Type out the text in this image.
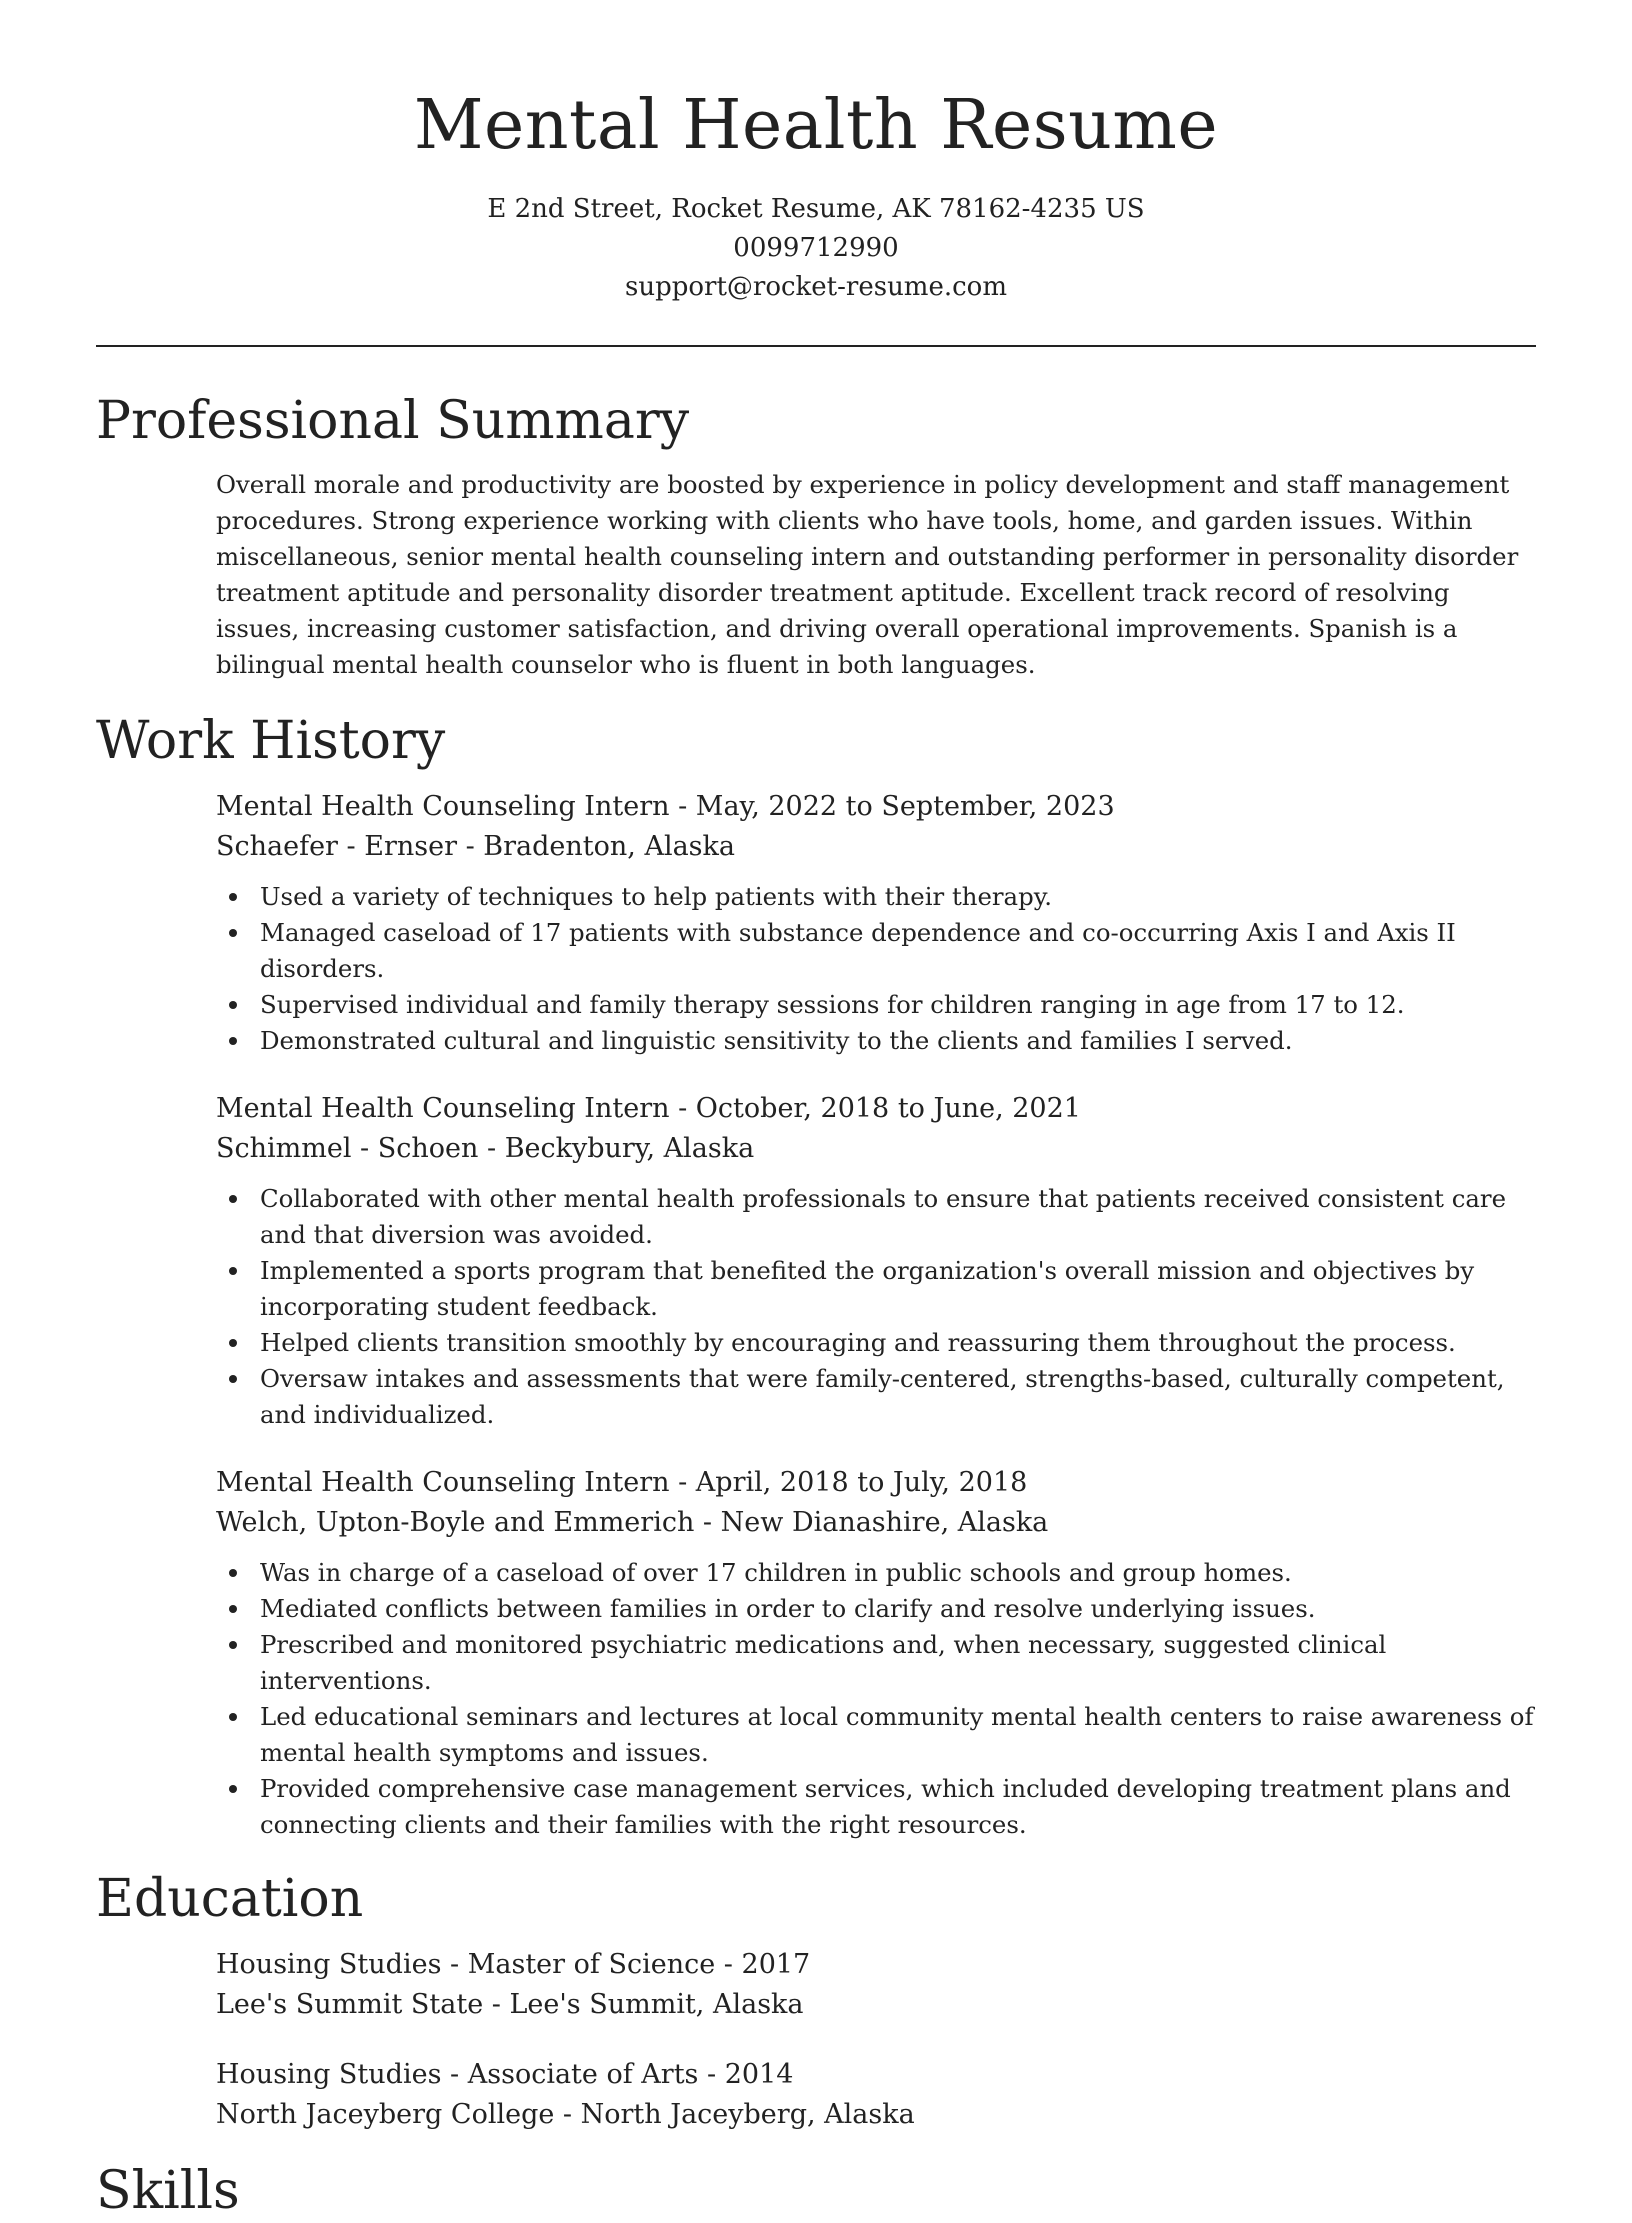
Mental Health Resume
E 2nd Street, Rocket Resume, AK 78162-4235 US
0099712990
support@rocket-resume.com
Professional Summary
Overall morale and productivity are boosted by experience in policy development and staff management procedures. Strong experience working with clients who have tools, home, and garden issues. Within miscellaneous, senior mental health counseling intern and outstanding performer in personality disorder treatment aptitude and personality disorder treatment aptitude. Excellent track record of resolving issues, increasing customer satisfaction, and driving overall operational improvements. Spanish is a bilingual mental health counselor who is fluent in both languages.
Work History
Mental Health Counseling Intern - May, 2022 to September, 2023
Schaefer - Ernser - Bradenton, Alaska
Used a variety of techniques to help patients with their therapy.
Managed caseload of 17 patients with substance dependence and co-occurring Axis I and Axis II disorders.
Supervised individual and family therapy sessions for children ranging in age from 17 to 12.
Demonstrated cultural and linguistic sensitivity to the clients and families I served.
Mental Health Counseling Intern - October, 2018 to June, 2021
Schimmel - Schoen - Beckybury, Alaska
Collaborated with other mental health professionals to ensure that patients received consistent care and that diversion was avoided.
Implemented a sports program that benefited the organization's overall mission and objectives by incorporating student feedback.
Helped clients transition smoothly by encouraging and reassuring them throughout the process.
Oversaw intakes and assessments that were family-centered, strengths-based, culturally competent, and individualized.
Mental Health Counseling Intern - April, 2018 to July, 2018
Welch, Upton-Boyle and Emmerich - New Dianashire, Alaska
Was in charge of a caseload of over 17 children in public schools and group homes.
Mediated conflicts between families in order to clarify and resolve underlying issues.
Prescribed and monitored psychiatric medications and, when necessary, suggested clinical interventions.
Led educational seminars and lectures at local community mental health centers to raise awareness of mental health symptoms and issues.
Provided comprehensive case management services, which included developing treatment plans and connecting clients and their families with the right resources.
Education
Housing Studies - Master of Science - 2017
Lee's Summit State - Lee's Summit, Alaska
Housing Studies - Associate of Arts - 2014
North Jaceyberg College - North Jaceyberg, Alaska
Skills
